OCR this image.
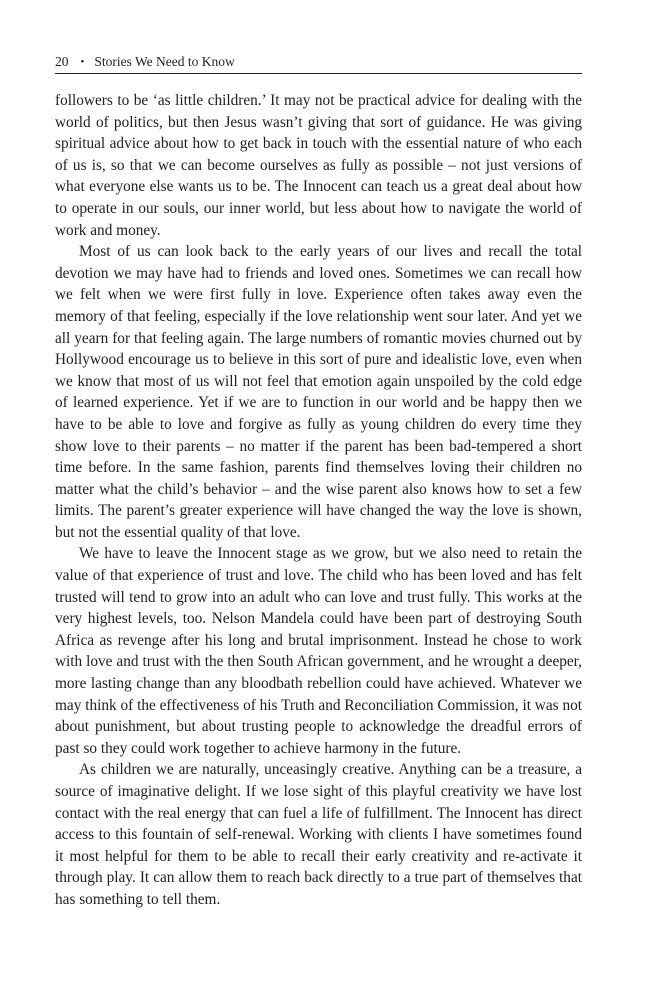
20 • Stories We Need to Know

followers to be ‘as little children.’ It may not be practical advice for dealing with the world of politics, but then Jesus wasn’t giving that sort of guidance. He was giving spiritual advice about how to get back in touch with the essential nature of who each of us is, so that we can become ourselves as fully as possible – not just versions of what everyone else wants us to be. The Innocent can teach us a great deal about how to operate in our souls, our inner world, but less about how to navigate the world of work and money.

Most of us can look back to the early years of our lives and recall the total devotion we may have had to friends and loved ones. Sometimes we can recall how we felt when we were first fully in love. Experience often takes away even the memory of that feeling, especially if the love relationship went sour later. And yet we all yearn for that feeling again. The large numbers of romantic movies churned out by Hollywood encourage us to believe in this sort of pure and idealistic love, even when we know that most of us will not feel that emotion again unspoiled by the cold edge of learned experience. Yet if we are to function in our world and be happy then we have to be able to love and forgive as fully as young children do every time they show love to their parents – no matter if the parent has been bad-tempered a short time before. In the same fashion, parents find themselves loving their children no matter what the child’s behavior – and the wise parent also knows how to set a few limits. The parent’s greater experience will have changed the way the love is shown, but not the essential quality of that love.

We have to leave the Innocent stage as we grow, but we also need to retain the value of that experience of trust and love. The child who has been loved and has felt trusted will tend to grow into an adult who can love and trust fully. This works at the very highest levels, too. Nelson Mandela could have been part of destroying South Africa as revenge after his long and brutal imprisonment. Instead he chose to work with love and trust with the then South African government, and he wrought a deeper, more lasting change than any bloodbath rebellion could have achieved. Whatever we may think of the effectiveness of his Truth and Reconciliation Commission, it was not about punishment, but about trusting people to acknowledge the dreadful errors of past so they could work together to achieve harmony in the future.

As children we are naturally, unceasingly creative. Anything can be a treasure, a source of imaginative delight. If we lose sight of this playful creativity we have lost contact with the real energy that can fuel a life of fulfillment. The Innocent has direct access to this fountain of self-renewal. Working with clients I have sometimes found it most helpful for them to be able to recall their early creativity and re-activate it through play. It can allow them to reach back directly to a true part of themselves that has something to tell them.
